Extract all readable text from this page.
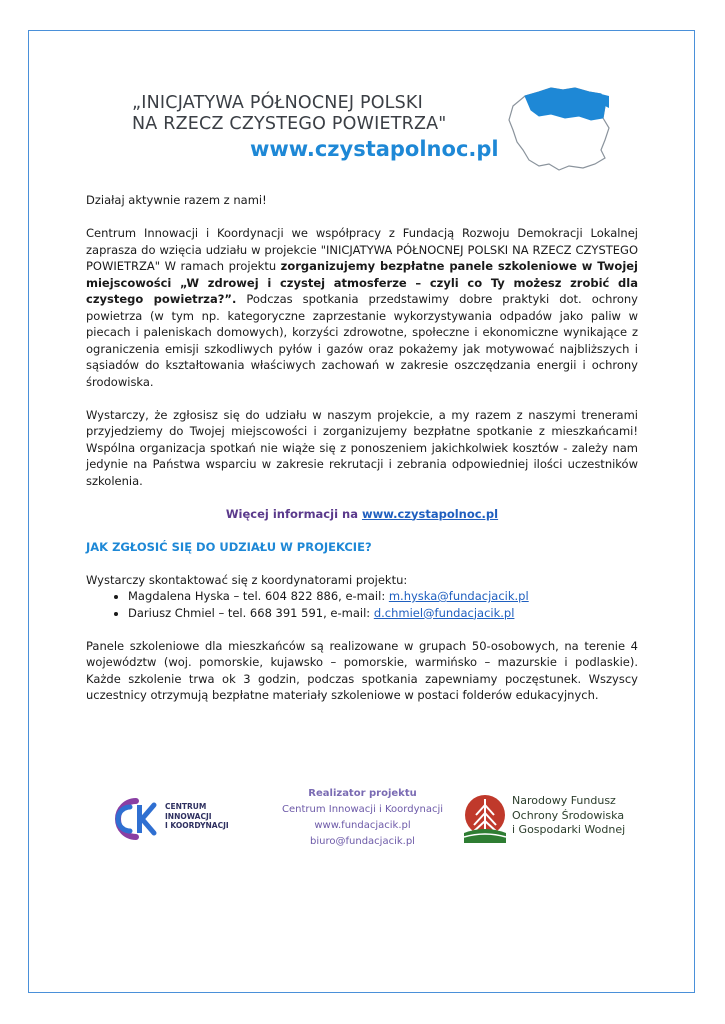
„INICJATYWA PÓŁNOCNEJ POLSKI
NA RZECZ CZYSTEGO POWIETRZA"
www.czystapolnoc.pl

Działaj aktywnie razem z nami!

Centrum Innowacji i Koordynacji we współpracy z Fundacją Rozwoju Demokracji Lokalnej zaprasza do wzięcia udziału w projekcie "INICJATYWA PÓŁNOCNEJ POLSKI NA RZECZ CZYSTEGO POWIETRZA" W ramach projektu zorganizujemy bezpłatne panele szkoleniowe w Twojej miejscowości „W zdrowej i czystej atmosferze – czyli co Ty możesz zrobić dla czystego powietrza?”. Podczas spotkania przedstawimy dobre praktyki dot. ochrony powietrza (w tym np. kategoryczne zaprzestanie wykorzystywania odpadów jako paliw w piecach i paleniskach domowych), korzyści zdrowotne, społeczne i ekonomiczne wynikające z ograniczenia emisji szkodliwych pyłów i gazów oraz pokażemy jak motywować najbliższych i sąsiadów do kształtowania właściwych zachowań w zakresie oszczędzania energii i ochrony środowiska.

Wystarczy, że zgłosisz się do udziału w naszym projekcie, a my razem z naszymi trenerami przyjedziemy do Twojej miejscowości i zorganizujemy bezpłatne spotkanie z mieszkańcami! Wspólna organizacja spotkań nie wiąże się z ponoszeniem jakichkolwiek kosztów - zależy nam jedynie na Państwa wsparciu w zakresie rekrutacji i zebrania odpowiedniej ilości uczestników szkolenia.

Więcej informacji na www.czystapolnoc.pl

JAK ZGŁOSIĆ SIĘ DO UDZIAŁU W PROJEKCIE?

Wystarczy skontaktować się z koordynatorami projektu:

• Magdalena Hyska – tel. 604 822 886, e-mail: m.hyska@fundacjacik.pl
• Dariusz Chmiel – tel. 668 391 591, e-mail: d.chmiel@fundacjacik.pl

Panele szkoleniowe dla mieszkańców są realizowane w grupach 50-osobowych, na terenie 4 województw (woj. pomorskie, kujawsko – pomorskie, warmińsko – mazurskie i podlaskie). Każde szkolenie trwa ok 3 godzin, podczas spotkania zapewniamy poczęstunek. Wszyscy uczestnicy otrzymują bezpłatne materiały szkoleniowe w postaci folderów edukacyjnych.

CENTRUM
INNOWACJI
I KOORDYNACJI
Realizator projektu
Centrum Innowacji i Koordynacji
www.fundacjacik.pl
biuro@fundacjacik.pl
Narodowy Fundusz
Ochrony Środowiska
i Gospodarki Wodnej
